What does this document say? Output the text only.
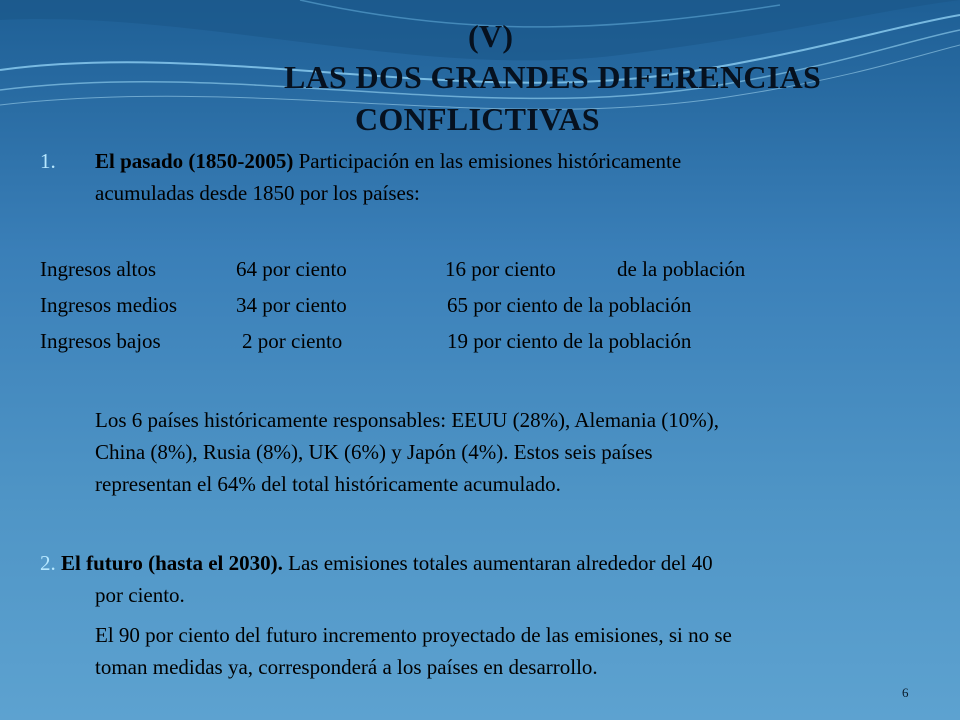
(V)
LAS DOS GRANDES DIFERENCIAS
CONFLICTIVAS
1. El pasado (1850-2005) Participación en las emisiones históricamente
acumuladas desde 1850 por los países:
Ingresos altos	64 por ciento	16 por ciento	de la población
Ingresos medios	34 por ciento	65 por ciento de la población
Ingresos bajos	2 por ciento	19 por ciento de la población
Los 6 países históricamente responsables: EEUU (28%), Alemania (10%),
China (8%), Rusia (8%), UK (6%) y Japón (4%). Estos seis países
representan el 64% del total históricamente acumulado.
2. El futuro (hasta el 2030). Las emisiones totales aumentaran alrededor del 40
por ciento.
El 90 por ciento del futuro incremento proyectado de las emisiones, si no se
toman medidas ya, corresponderá a los países en desarrollo.
6
